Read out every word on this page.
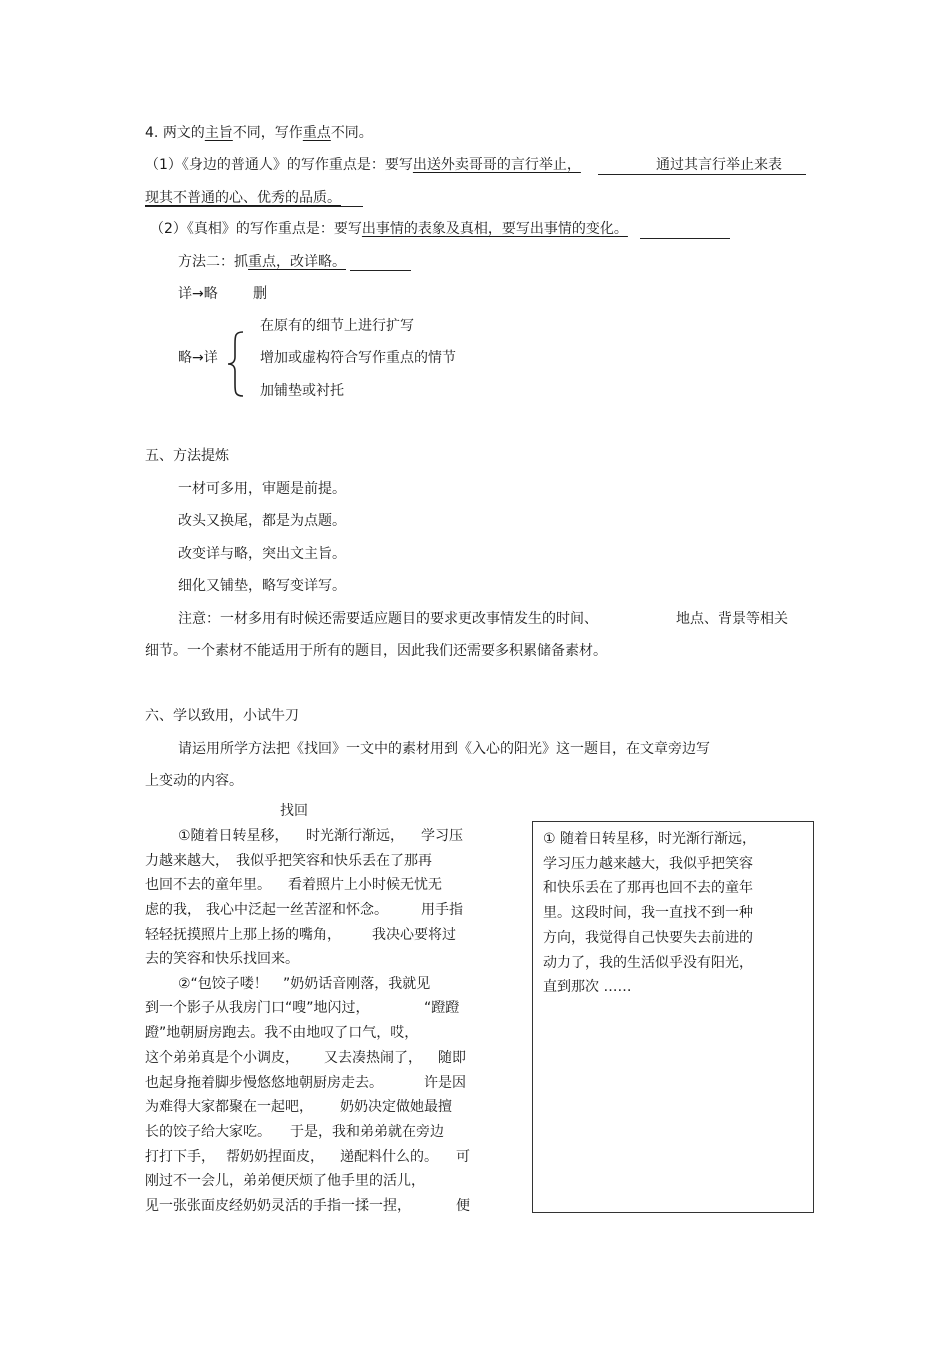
4. 两文的主旨不同，写作重点不同。
（1）《身边的普通人》的写作重点是：要写出送外卖哥哥的言行举止，	通过其言行举止来表
现其不普通的心、优秀的品质。
（2）《真相》的写作重点是：要写出事情的表象及真相，要写出事情的变化。
方法二：抓重点，改详略。
详→略	删
略→详
在原有的细节上进行扩写
增加或虚构符合写作重点的情节
加铺垫或衬托
五、方法提炼
一材可多用，审题是前提。
改头又换尾，都是为点题。
改变详与略，突出文主旨。
细化又铺垫，略写变详写。
注意：一材多用有时候还需要适应题目的要求更改事情发生的时间、	地点、背景等相关
细节。一个素材不能适用于所有的题目，因此我们还需要多积累储备素材。
六、学以致用，小试牛刀
请运用所学方法把《找回》一文中的素材用到《入心的阳光》这一题目，在文章旁边写
上变动的内容。
找回
①随着日转星移， 时光渐行渐远， 学习压
力越来越大， 我似乎把笑容和快乐丢在了那再
也回不去的童年里。 看着照片上小时候无忧无
虑的我， 我心中泛起一丝苦涩和怀念。 用手指
轻轻抚摸照片上那上扬的嘴角， 我决心要将过
去的笑容和快乐找回来。
②“包饺子喽！ ”奶奶话音刚落，我就见
到一个影子从我房门口“嗖”地闪过，	“蹬蹬
蹬”地朝厨房跑去。我不由地叹了口气，哎，
这个弟弟真是个小调皮， 又去凑热闹了， 随即
也起身拖着脚步慢悠悠地朝厨房走去。	许是因
为难得大家都聚在一起吧， 奶奶决定做她最擅
长的饺子给大家吃。 于是，我和弟弟就在旁边
打打下手， 帮奶奶捏面皮， 递配料什么的。 可
刚过不一会儿，弟弟便厌烦了他手里的活儿，
见一张张面皮经奶奶灵活的手指一揉一捏，	便
① 随着日转星移，时光渐行渐远，
学习压力越来越大，我似乎把笑容
和快乐丢在了那再也回不去的童年
里。这段时间，我一直找不到一种
方向，我觉得自己快要失去前进的
动力了，我的生活似乎没有阳光，
直到那次 ……
